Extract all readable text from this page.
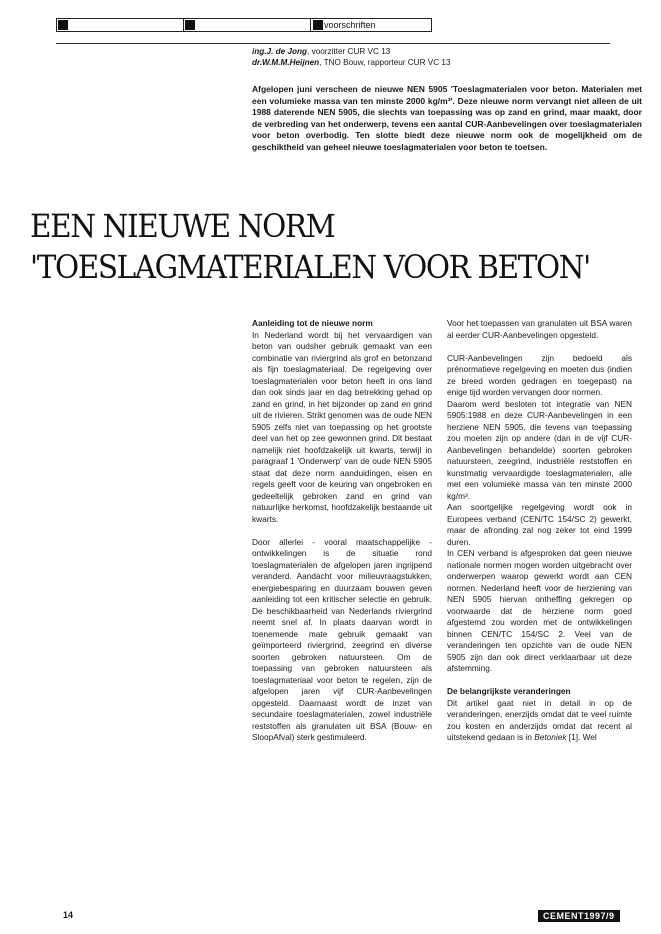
voorschriften
ing.J. de Jong, voorzitter CUR VC 13
dr.W.M.M.Heijnen, TNO Bouw, rapporteur CUR VC 13
Afgelopen juni verscheen de nieuwe NEN 5905 'Toeslagmaterialen voor beton. Materialen met een volumieke massa van ten minste 2000 kg/m³'. Deze nieuwe norm vervangt niet alleen de uit 1988 daterende NEN 5905, die slechts van toepassing was op zand en grind, maar maakt, door de verbreding van het onderwerp, tevens een aantal CUR-Aanbevelingen over toeslagmaterialen voor beton overbodig. Ten slotte biedt deze nieuwe norm ook de mogelijkheid om de geschiktheid van geheel nieuwe toeslagmaterialen voor beton te toetsen.
EEN NIEUWE NORM
'TOESLAGMATERIALEN VOOR BETON'

Aanleiding tot de nieuwe norm

In Nederland wordt bij het vervaardigen van beton van oudsher gebruik gemaakt van een combinatie van riviergrind als grof en betonzand als fijn toeslagmateriaal. De regelgeving over toeslagmaterialen voor beton heeft in ons land dan ook sinds jaar en dag betrekking gehad op zand en grind, in het bijzonder op zand en grind uit de rivieren. Strikt genomen was de oude NEN 5905 zelfs niet van toepassing op het grootste deel van het op zee gewonnen grind. Dit bestaat namelijk niet hoofdzakelijk uit kwarts, terwijl in paragraaf 1 'Onderwerp' van de oude NEN 5905 staat dat deze norm aanduidingen, eisen en regels geeft voor de keuring van ongebroken en gedeeltelijk gebroken zand en grind van natuurlijke herkomst, hoofdzakelijk bestaande uit kwarts.

Door allerlei - vooral maatschappelijke - ontwikkelingen is de situatie rond toeslagmaterialen de afgelopen jaren ingrijpend veranderd. Aandacht voor milieuvraagstukken, energiebesparing en duurzaam bouwen geven aanleiding tot een kritischer selectie en gebruik. De beschikbaarheid van Nederlands riviergrind neemt snel af. In plaats daarvan wordt in toenemende mate gebruik gemaakt van geïmporteerd riviergrind, zeegrind en diverse soorten gebroken natuursteen. Om de toepassing van gebroken natuursteen als toeslagmateriaal voor beton te regelen, zijn de afgelopen jaren vijf CUR-Aanbevelingen opgesteld. Daarnaast wordt de inzet van secundaire toeslagmaterialen, zowel industriële reststoffen als granulaten uit BSA (Bouw- en SloopAfval) sterk gestimuleerd.

Voor het toepassen van granulaten uit BSA waren al eerder CUR-Aanbevelingen opgesteld.

CUR-Aanbevelingen zijn bedoeld als prénormatieve regelgeving en moeten dus (indien ze breed worden gedragen en toegepast) na enige tijd worden vervangen door normen.

Daarom werd besloten tot integratie van NEN 5905:1988 en deze CUR-Aanbevelingen in een herziene NEN 5905, die tevens van toepassing zou moeten zijn op andere (dan in de vijf CUR-Aanbevelingen behandelde) soorten gebroken natuursteen, zeegrind, industriële reststoffen en kunstmatig vervaardigde toeslagmaterialen, alle met een volumieke massa van ten minste 2000 kg/m³.

Aan soortgelijke regelgeving wordt ook in Europees verband (CEN/TC 154/SC 2) gewerkt, maar de afronding zal nog zeker tot eind 1999 duren.

In CEN verband is afgesproken dat geen nieuwe nationale normen mogen worden uitgebracht over onderwerpen waarop gewerkt wordt aan CEN normen. Nederland heeft voor de herziening van NEN 5905 hiervan ontheffing gekregen op voorwaarde dat de herziene norm goed afgestemd zou worden met de ontwikkelingen binnen CEN/TC 154/SC 2. Veel van de veranderingen ten opzichte van de oude NEN 5905 zijn dan ook direct verklaarbaar uit deze afstemming.

De belangrijkste veranderingen

Dit artikel gaat niet in detail in op de veranderingen, enerzijds omdat dat te veel ruimte zou kosten en anderzijds omdat dat recent al uitstekend gedaan is in Betoniek [1]. Wel

14	CEMENT1997/9
